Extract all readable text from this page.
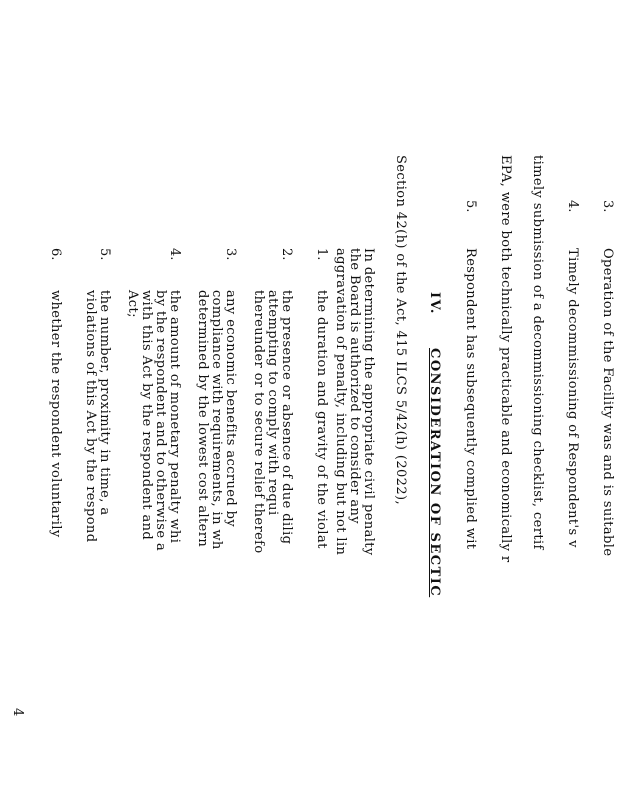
3.
Operation of the Facility was and is suitable
4.
Timely decommissioning of Respondent's v
timely submission of a decommissioning checklist, certif
EPA, were both technically practicable and economically r
5.
Respondent has subsequently complied wit
IV.
CONSIDERATION OF SECTIC
Section 42(h) of the Act, 415 ILCS 5/42(h) (2022),
In determining the appropriate civil penalty
the Board is authorized to consider any
aggravation of penalty, including but not lin
1.
the duration and gravity of the violat
2.
the presence or absence of due dilig
attempting to comply with requi
thereunder or to secure relief therefo
3.
any economic benefits accrued by
compliance with requirements, in wh
determined by the lowest cost altern
4.
the amount of monetary penalty whi
by the respondent and to otherwise a
with this Act by the respondent and
Act;
5.
the number, proximity in time, a
violations of this Act by the respond
6.
whether the respondent voluntarily
4
